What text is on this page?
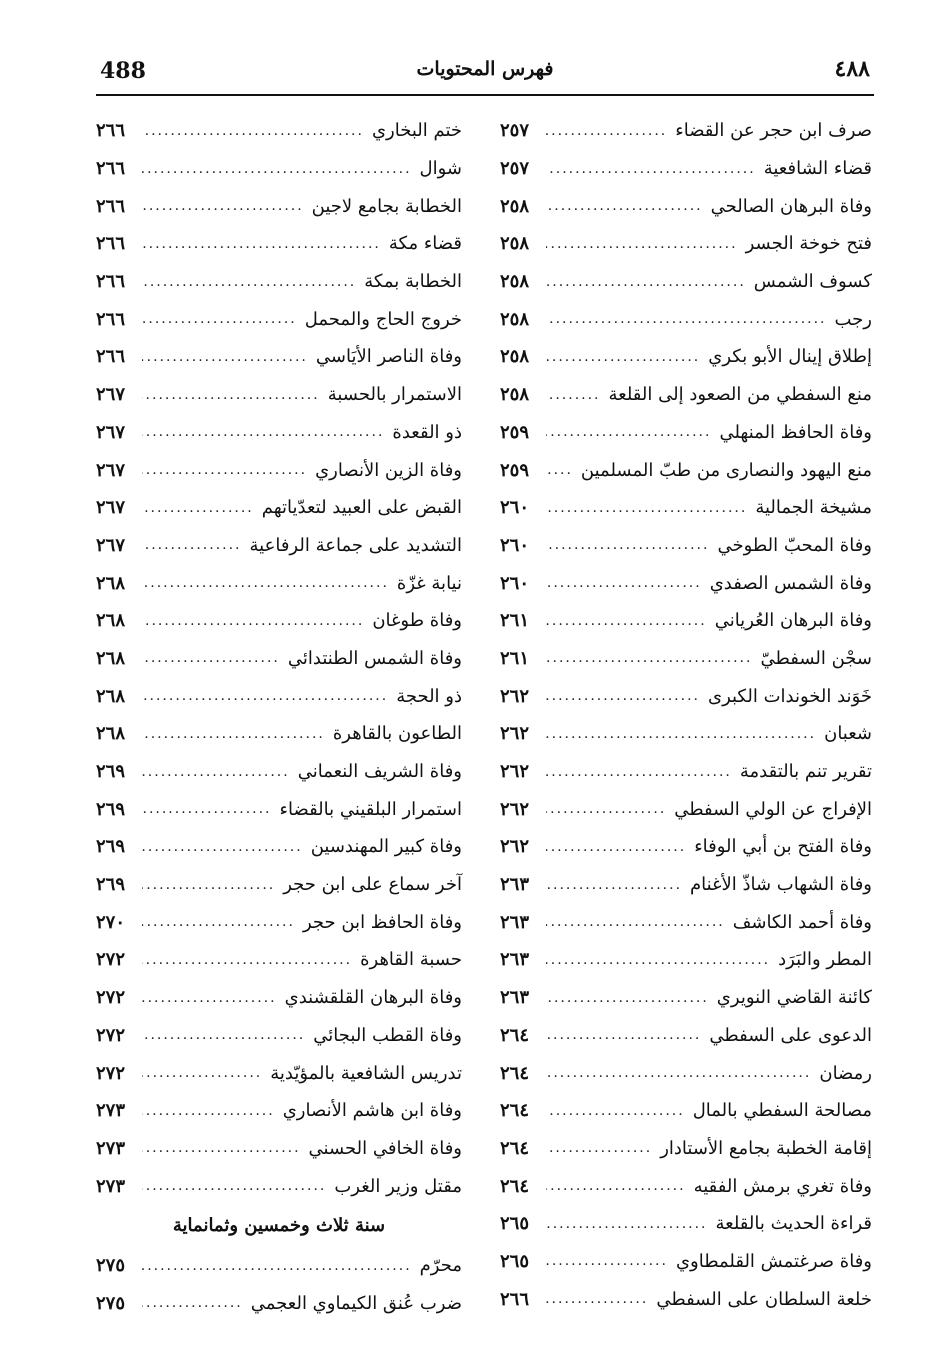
488	فهرس المحتويات	٤٨٨
صرف ابن حجر عن القضاء
.....
٢٥٧
قضاء الشافعية
.....
٢٥٧
وفاة البرهان الصالحي
.....
٢٥٨
فتح خوخة الجسر
.....
٢٥٨
كسوف الشمس
.....
٢٥٨
رجب
.....
٢٥٨
إطلاق إينال الأبو بكري
.....
٢٥٨
منع السفطي من الصعود إلى القلعة
.....
٢٥٨
وفاة الحافظ المنهلي
.....
٢٥٩
منع اليهود والنصارى من طبّ المسلمين
.....
٢٥٩
مشيخة الجمالية
.....
٢٦٠
وفاة المحبّ الطوخي
.....
٢٦٠
وفاة الشمس الصفدي
.....
٢٦٠
وفاة البرهان العُرياني
.....
٢٦١
سجْن السفطيّ
.....
٢٦١
خَوَند الخوندات الكبرى
.....
٢٦٢
شعبان
.....
٢٦٢
تقرير تنم بالتقدمة
.....
٢٦٢
الإفراج عن الولي السفطي
.....
٢٦٢
وفاة الفتح بن أبي الوفاء
.....
٢٦٢
وفاة الشهاب شاذّ الأغنام
.....
٢٦٣
وفاة أحمد الكاشف
.....
٢٦٣
المطر والبَرَد
.....
٢٦٣
كائنة القاضي النويري
.....
٢٦٣
الدعوى على السفطي
.....
٢٦٤
رمضان
.....
٢٦٤
مصالحة السفطي بالمال
.....
٢٦٤
إقامة الخطبة بجامع الأستادار
.....
٢٦٤
وفاة تغري برمش الفقيه
.....
٢٦٤
قراءة الحديث بالقلعة
.....
٢٦٥
وفاة صرغتمش القلمطاوي
.....
٢٦٥
خلعة السلطان على السفطي
.....
٢٦٦
ختم البخاري
.....
٢٦٦
شوال
.....
٢٦٦
الخطابة بجامع لاجين
.....
٢٦٦
قضاء مكة
.....
٢٦٦
الخطابة بمكة
.....
٢٦٦
خروج الحاج والمحمل
.....
٢٦٦
وفاة الناصر الأيَاسي
.....
٢٦٦
الاستمرار بالحسبة
.....
٢٦٧
ذو القعدة
.....
٢٦٧
وفاة الزين الأنصاري
.....
٢٦٧
القبض على العبيد لتعدّياتهم
.....
٢٦٧
التشديد على جماعة الرفاعية
.....
٢٦٧
نيابة غزّة
.....
٢٦٨
وفاة طوغان
.....
٢٦٨
وفاة الشمس الطنتدائي
.....
٢٦٨
ذو الحجة
.....
٢٦٨
الطاعون بالقاهرة
.....
٢٦٨
وفاة الشريف النعماني
.....
٢٦٩
استمرار البلقيني بالقضاء
.....
٢٦٩
وفاة كبير المهندسين
.....
٢٦٩
آخر سماع على ابن حجر
.....
٢٦٩
وفاة الحافظ ابن حجر
.....
٢٧٠
حسبة القاهرة
.....
٢٧٢
وفاة البرهان القلقشندي
.....
٢٧٢
وفاة القطب البجائي
.....
٢٧٢
تدريس الشافعية بالمؤيّدية
.....
٢٧٢
وفاة ابن هاشم الأنصاري
.....
٢٧٣
وفاة الخافي الحسني
.....
٢٧٣
مقتل وزير الغرب
.....
٢٧٣
سنة ثلاث وخمسين وثمانماية
محرّم
.....
٢٧٥
ضرب عُنق الكيماوي العجمي
.....
٢٧٥
